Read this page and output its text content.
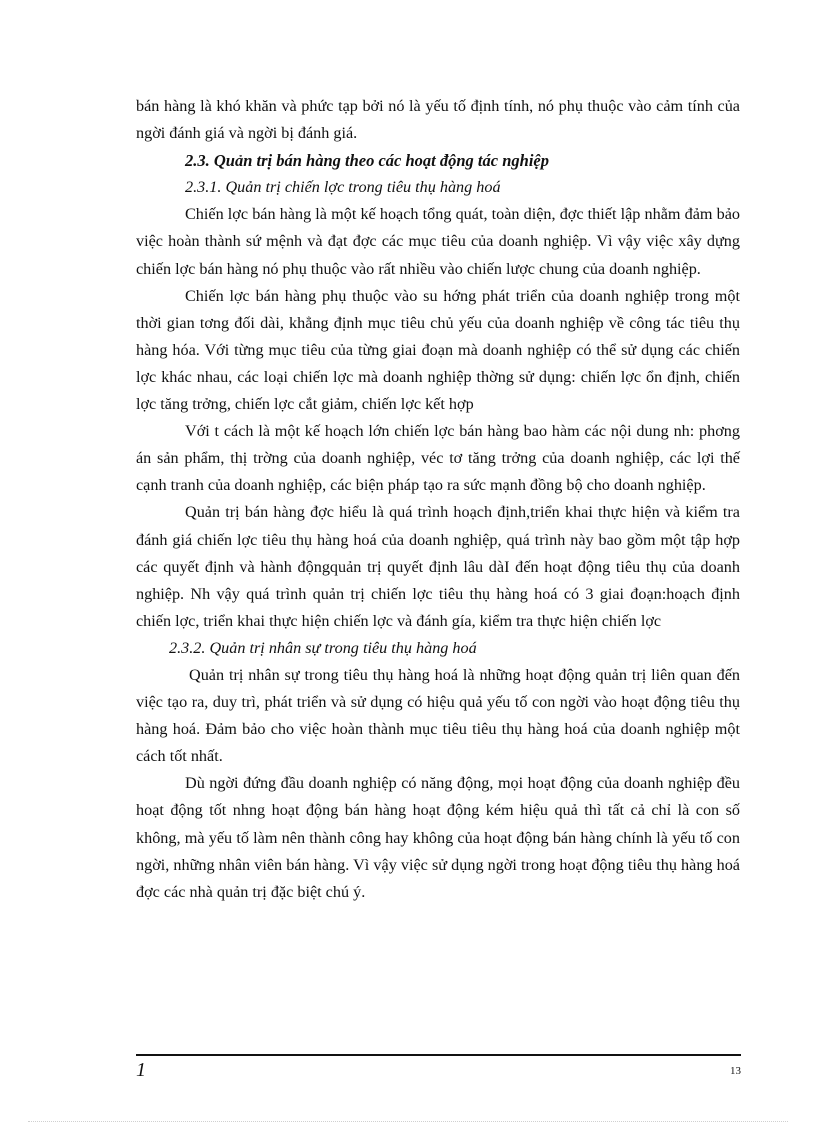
bán hàng là khó khăn và phức tạp bởi nó là yếu tố định tính, nó phụ thuộc vào cảm tính của ngời đánh giá và ngời bị đánh giá.

2.3. Quản trị bán hàng theo các hoạt động tác nghiệp

2.3.1. Quản trị chiến lợc trong tiêu thụ hàng hoá

Chiến lợc bán hàng là một kế hoạch tổng quát, toàn diện, đợc thiết lập nhằm đảm bảo việc hoàn thành sứ mệnh và đạt đợc các mục tiêu của doanh nghiệp. Vì vậy việc xây dựng chiến lợc bán hàng nó phụ thuộc vào rất nhiều vào chiến lược chung của doanh nghiệp.

Chiến lợc bán hàng phụ thuộc vào su hớng phát triển của doanh nghiệp trong một thời gian tơng đối dài, khẳng định mục tiêu chủ yếu của doanh nghiệp về công tác tiêu thụ hàng hóa. Với từng mục tiêu của từng giai đoạn mà doanh nghiệp có thể sử dụng các chiến lợc khác nhau, các loại chiến lợc mà doanh nghiệp thờng sử dụng: chiến lợc ổn định, chiến lợc tăng trởng, chiến lợc cắt giảm, chiến lợc kết hợp

Với t cách là một kế hoạch lớn chiến lợc bán hàng bao hàm các nội dung nh: phơng án sản phẩm, thị trờng của doanh nghiệp, véc tơ tăng trởng của doanh nghiệp, các lợi thế cạnh tranh của doanh nghiệp, các biện pháp tạo ra sức mạnh đồng bộ cho doanh nghiệp.

Quản trị bán hàng đợc hiểu là quá trình hoạch định,triển khai thực hiện và kiểm tra đánh giá chiến lợc tiêu thụ hàng hoá của doanh nghiệp, quá trình này bao gồm một tập hợp các quyết định và hành độngquản trị quyết định lâu dàI đến hoạt động tiêu thụ của doanh nghiệp. Nh vậy quá trình quản trị chiến lợc tiêu thụ hàng hoá có 3 giai đoạn:hoạch định chiến lợc, triển khai thực hiện chiến lợc và đánh gía, kiểm tra thực hiện chiến lợc

2.3.2. Quản trị nhân sự trong tiêu thụ hàng hoá

Quản trị nhân sự trong tiêu thụ hàng hoá là những hoạt động quản trị liên quan đến việc tạo ra, duy trì, phát triển và sử dụng có hiệu quả yếu tố con ngời vào hoạt động tiêu thụ hàng hoá. Đảm bảo cho việc hoàn thành mục tiêu tiêu thụ hàng hoá của doanh nghiệp một cách tốt nhất.

Dù ngời đứng đầu doanh nghiệp có năng động, mọi hoạt động của doanh nghiệp đều hoạt động tốt nhng hoạt động bán hàng hoạt động kém hiệu quả thì tất cả chỉ là con số không, mà yếu tố làm nên thành công hay không của hoạt động bán hàng chính là yếu tố con ngời, những nhân viên bán hàng. Vì vậy việc sử dụng ngời trong hoạt động tiêu thụ hàng hoá đợc các nhà quản trị đặc biệt chú ý.

1	13
